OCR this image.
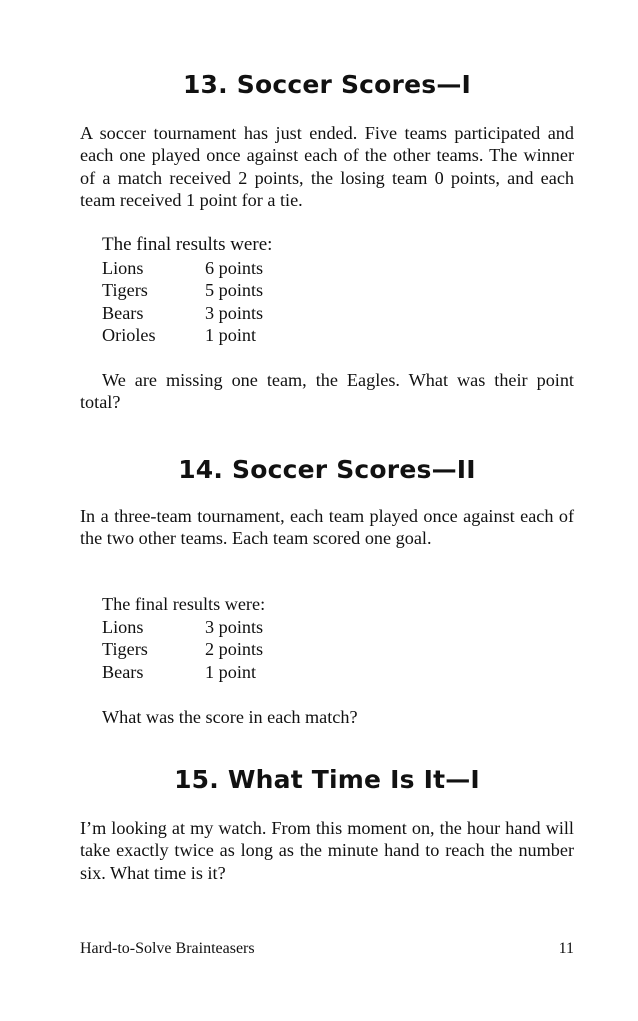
13. Soccer Scores—I

A soccer tournament has just ended. Five teams participated and each one played once against each of the other teams. The winner of a match received 2 points, the losing team 0 points, and each team received 1 point for a tie.

The final results were:
Lions	6 points
Tigers	5 points
Bears	3 points
Orioles	1 point

We are missing one team, the Eagles. What was their point total?

14. Soccer Scores—II

In a three-team tournament, each team played once against each of the two other teams. Each team scored one goal.

The final results were:
Lions	3 points
Tigers	2 points
Bears	1 point

What was the score in each match?

15. What Time Is It—I

I’m looking at my watch. From this moment on, the hour hand will take exactly twice as long as the minute hand to reach the number six. What time is it?

Hard-to-Solve Brainteasers	11
